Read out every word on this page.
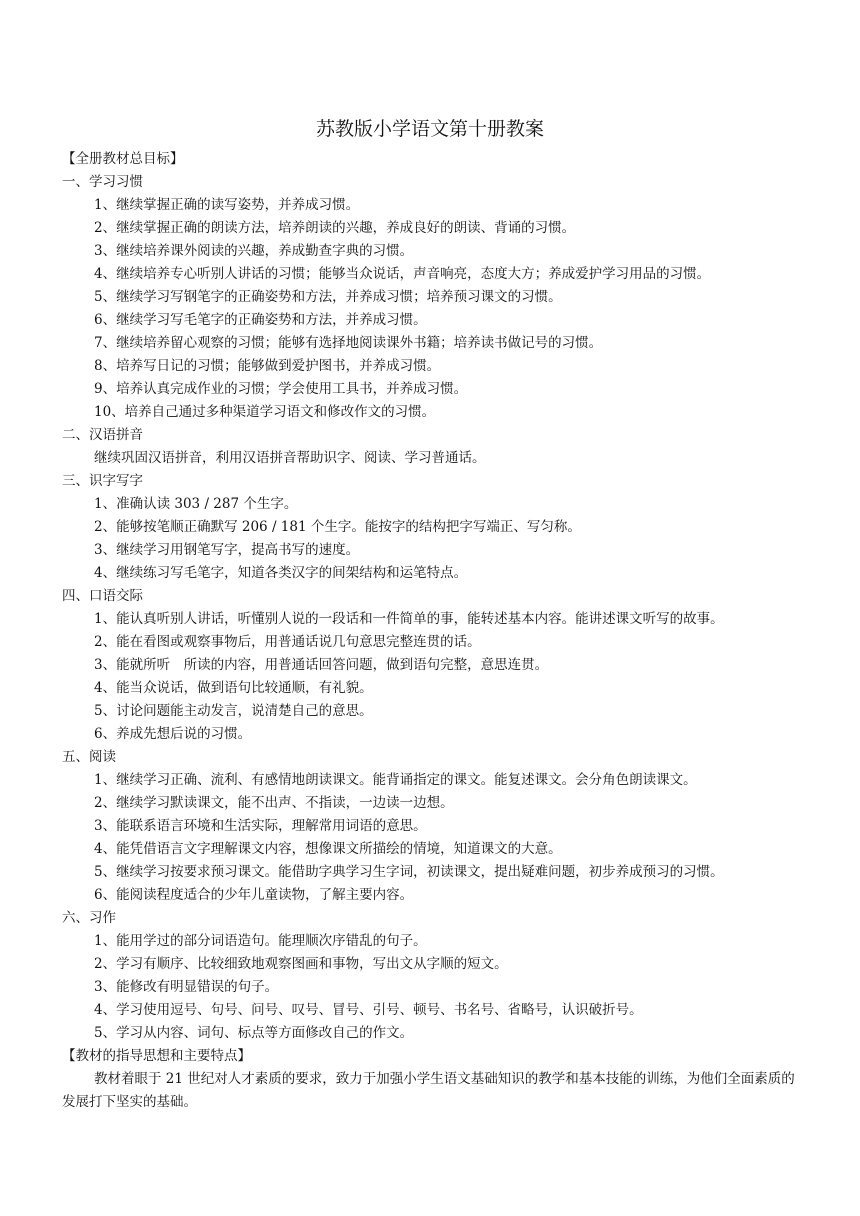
苏教版小学语文第十册教案
【全册教材总目标】
一、学习习惯
1、继续掌握正确的读写姿势，并养成习惯。
2、继续掌握正确的朗读方法，培养朗读的兴趣，养成良好的朗读、背诵的习惯。
3、继续培养课外阅读的兴趣，养成勤查字典的习惯。
4、继续培养专心听别人讲话的习惯；能够当众说话，声音响亮，态度大方；养成爱护学习用品的习惯。
5、继续学习写钢笔字的正确姿势和方法，并养成习惯；培养预习课文的习惯。
6、继续学习写毛笔字的正确姿势和方法，并养成习惯。
7、继续培养留心观察的习惯；能够有选择地阅读课外书籍；培养读书做记号的习惯。
8、培养写日记的习惯；能够做到爱护图书，并养成习惯。
9、培养认真完成作业的习惯；学会使用工具书，并养成习惯。
10、培养自己通过多种渠道学习语文和修改作文的习惯。
二、汉语拼音
继续巩固汉语拼音，利用汉语拼音帮助识字、阅读、学习普通话。
三、识字写字
1、准确认读 303 / 287 个生字。
2、能够按笔顺正确默写 206 / 181 个生字。能按字的结构把字写端正、写匀称。
3、继续学习用钢笔写字，提高书写的速度。
4、继续练习写毛笔字，知道各类汉字的间架结构和运笔特点。
四、口语交际
1、能认真听别人讲话，听懂别人说的一段话和一件简单的事，能转述基本内容。能讲述课文听写的故事。
2、能在看图或观察事物后，用普通话说几句意思完整连贯的话。
3、能就所听　所读的内容，用普通话回答问题，做到语句完整，意思连贯。
4、能当众说话，做到语句比较通顺，有礼貌。
5、讨论问题能主动发言，说清楚自己的意思。
6、养成先想后说的习惯。
五、阅读
1、继续学习正确、流利、有感情地朗读课文。能背诵指定的课文。能复述课文。会分角色朗读课文。
2、继续学习默读课文，能不出声、不指读，一边读一边想。
3、能联系语言环境和生活实际，理解常用词语的意思。
4、能凭借语言文字理解课文内容，想像课文所描绘的情境，知道课文的大意。
5、继续学习按要求预习课文。能借助字典学习生字词，初读课文，提出疑难问题，初步养成预习的习惯。
6、能阅读程度适合的少年儿童读物，了解主要内容。
六、习作
1、能用学过的部分词语造句。能理顺次序错乱的句子。
2、学习有顺序、比较细致地观察图画和事物，写出文从字顺的短文。
3、能修改有明显错误的句子。
4、学习使用逗号、句号、问号、叹号、冒号、引号、顿号、书名号、省略号，认识破折号。
5、学习从内容、词句、标点等方面修改自己的作文。
【教材的指导思想和主要特点】

教材着眼于 21 世纪对人才素质的要求，致力于加强小学生语文基础知识的教学和基本技能的训练，为他们全面素质的发展打下坚实的基础。
